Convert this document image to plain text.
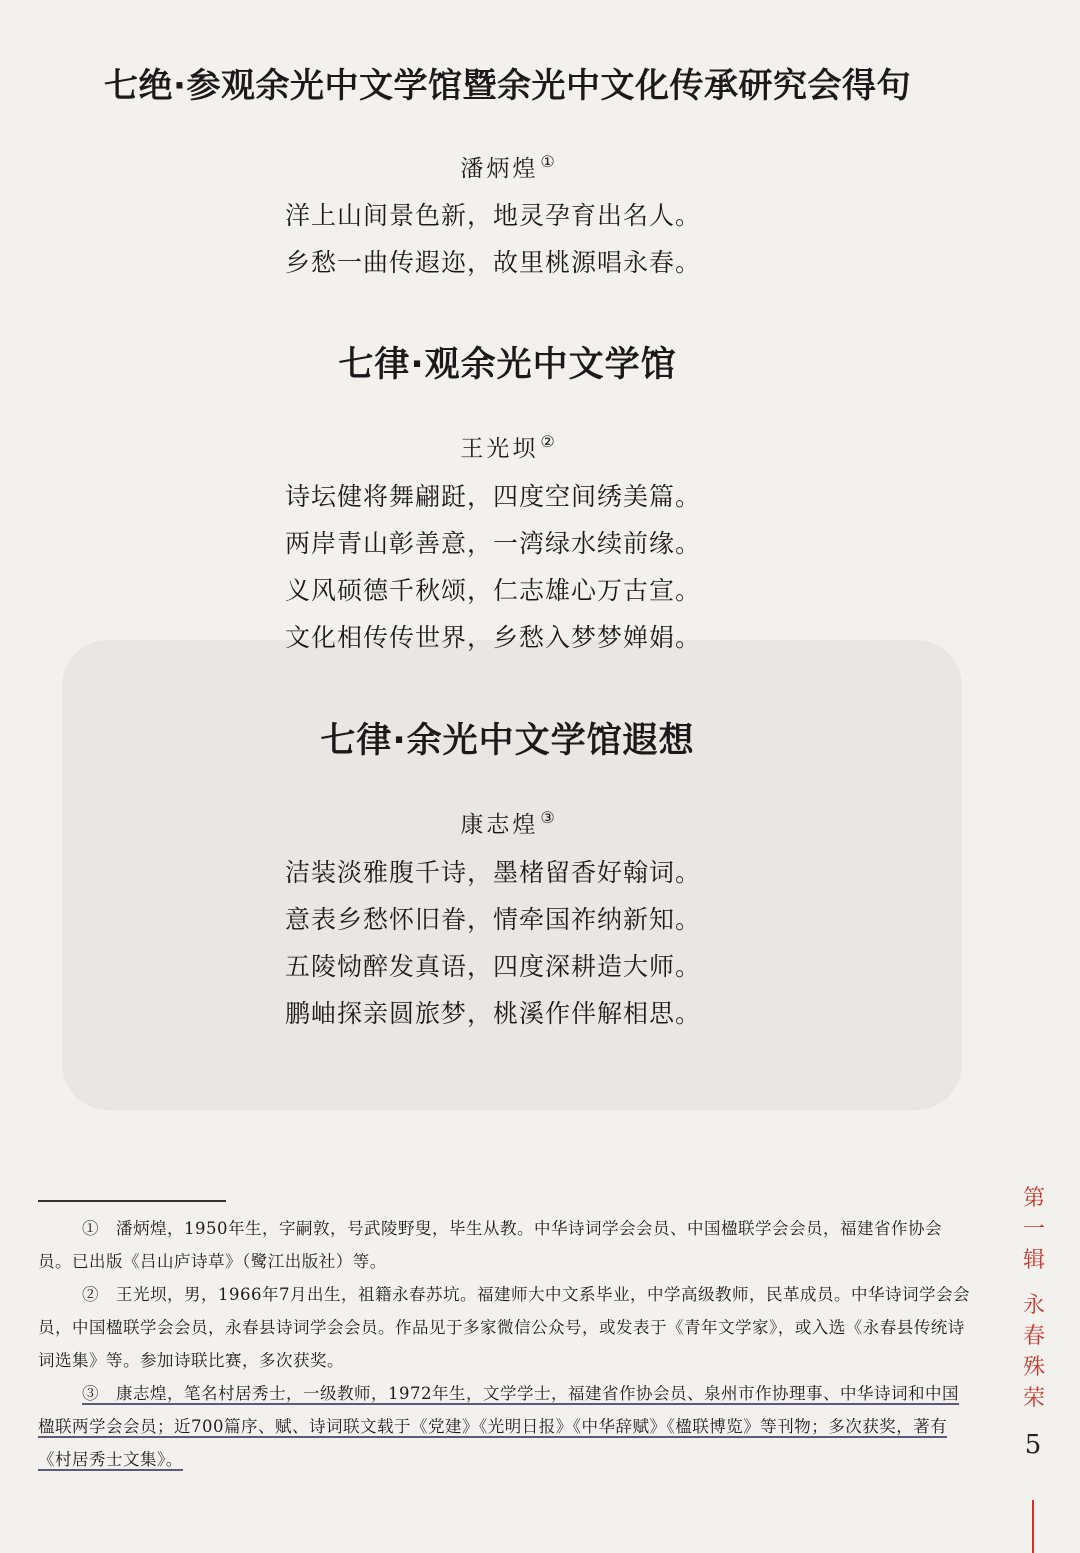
七绝·参观余光中文学馆暨余光中文化传承研究会得句
潘炳煌 ①
洋上山间景色新，地灵孕育出名人。
乡愁一曲传遐迩，故里桃源唱永春。
七律·观余光中文学馆
王光坝 ②
诗坛健将舞翩跹，四度空间绣美篇。
两岸青山彰善意，一湾绿水续前缘。
义风硕德千秋颂，仁志雄心万古宣。
文化相传传世界，乡愁入梦梦婵娟。
七律·余光中文学馆遐想
康志煌 ③
洁装淡雅腹千诗，墨楮留香好翰词。
意表乡愁怀旧眷，情牵国祚纳新知。
五陵恸醉发真语，四度深耕造大师。
鹏岫探亲圆旅梦，桃溪作伴解相思。

①　潘炳煌，1950年生，字嗣敦，号武陵野叟，毕生从教。中华诗词学会会员、中国楹联学会会员，福建省作协会员。已出版《吕山庐诗草》（鹭江出版社）等。

②　王光坝，男，1966年7月出生，祖籍永春苏坑。福建师大中文系毕业，中学高级教师，民革成员。中华诗词学会会员，中国楹联学会会员，永春县诗词学会会员。作品见于多家微信公众号，或发表于《青年文学家》，或入选《永春县传统诗词选集》等。参加诗联比赛，多次获奖。

③　康志煌，笔名村居秀士，一级教师，1972年生，文学学士，福建省作协会员、泉州市作协理事、中华诗词和中国楹联两学会会员；近700篇序、赋、诗词联文载于《党建》《光明日报》《中华辞赋》《楹联博览》等刊物；多次获奖，著有《村居秀士文集》。

第
一
辑
永
春
殊
荣
5
